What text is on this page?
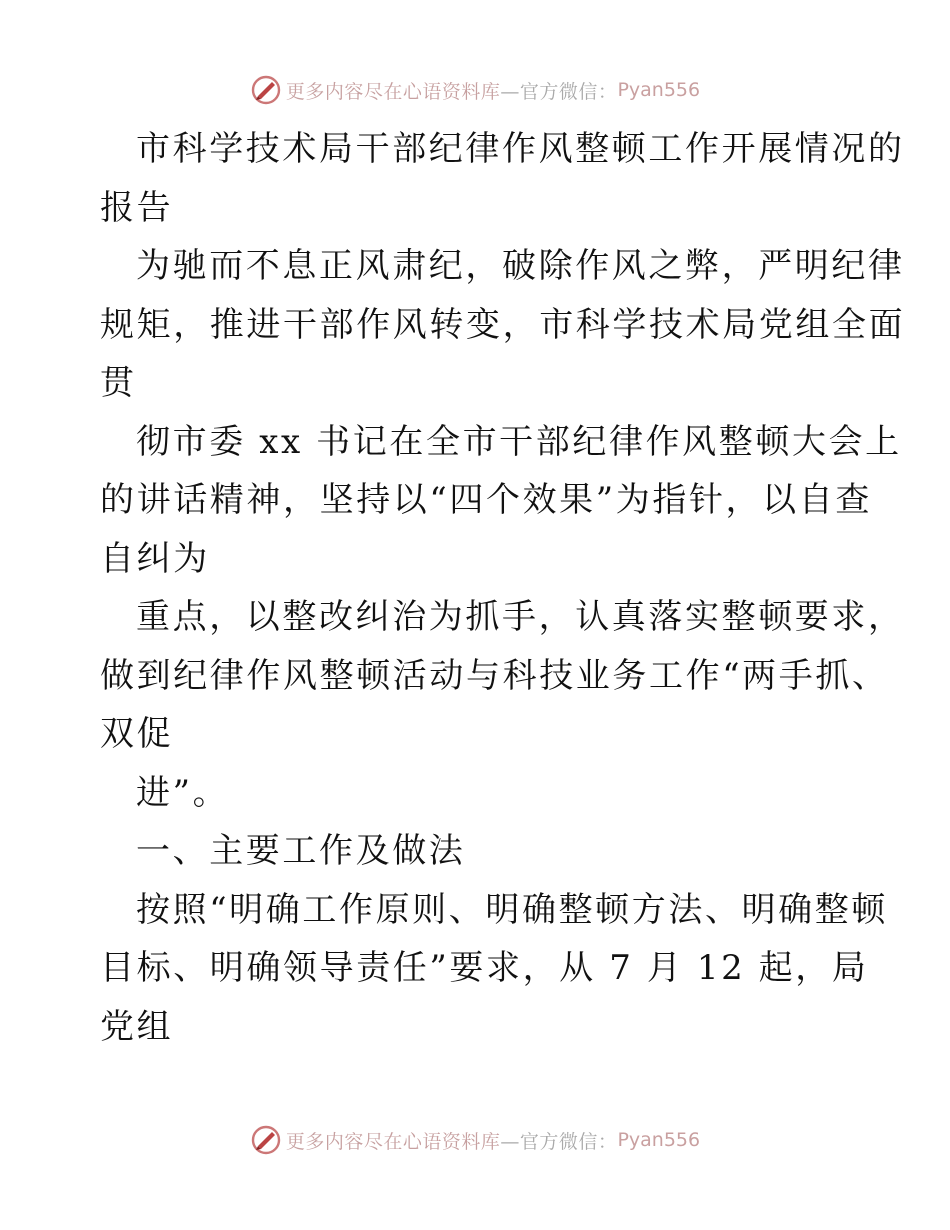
更多内容尽在心语资料库 —官方微信： Pyan556
市科学技术局干部纪律作风整顿工作开展情况的
报告
为驰而不息正风肃纪，破除作风之弊，严明纪律
规矩，推进干部作风转变，市科学技术局党组全面
贯
彻市委 xx 书记在全市干部纪律作风整顿大会上
的讲话精神，坚持以“四个效果”为指针，以自查
自纠为
重点，以整改纠治为抓手，认真落实整顿要求，
做到纪律作风整顿活动与科技业务工作“两手抓、
双促
进”。
一、主要工作及做法
按照“明确工作原则、明确整顿方法、明确整顿
目标、明确领导责任”要求，从 7 月 12 起，局
党组
更多内容尽在心语资料库 —官方微信： Pyan556
